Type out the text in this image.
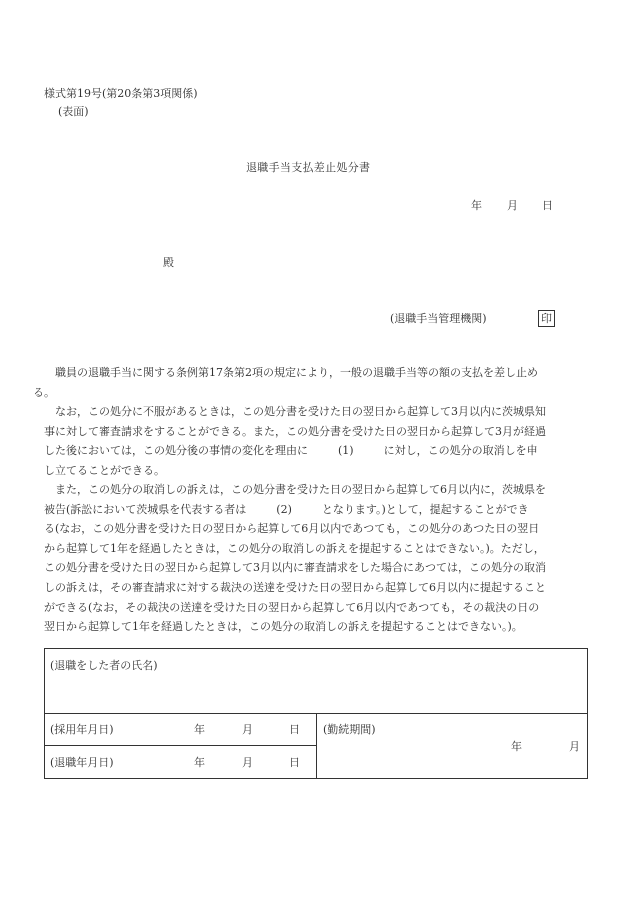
様式第19号(第20条第3項関係)
(表面)
退職手当支払差止処分書
年 月 日
殿
(退職手当管理機関)	印

職員の退職手当に関する条例第17条第2項の規定により，一般の退職手当等の額の支払を差し止め
る。

なお，この処分に不服があるときは，この処分書を受けた日の翌日から起算して3月以内に茨城県知
事に対して審査請求をすることができる。また，この処分書を受けた日の翌日から起算して3月が経過
した後においては，この処分後の事情の変化を理由に	(1)	に対し，この処分の取消しを申
し立てることができる。
また，この処分の取消しの訴えは，この処分書を受けた日の翌日から起算して6月以内に，茨城県を
被告(訴訟において茨城県を代表する者は	(2)	となります。)として，提起することができ
る(なお，この処分書を受けた日の翌日から起算して6月以内であつても，この処分のあつた日の翌日
から起算して1年を経過したときは，この処分の取消しの訴えを提起することはできない。)。ただし，
この処分書を受けた日の翌日から起算して3月以内に審査請求をした場合にあつては，この処分の取消
しの訴えは，その審査請求に対する裁決の送達を受けた日の翌日から起算して6月以内に提起すること
ができる(なお，その裁決の送達を受けた日の翌日から起算して6月以内であつても，その裁決の日の
翌日から起算して1年を経過したときは，この処分の取消しの訴えを提起することはできない。)。
(退職をした者の氏名)
(採用年月日)	年	月	日
(退職年月日)	年	月	日
(勤続期間)
年	月
